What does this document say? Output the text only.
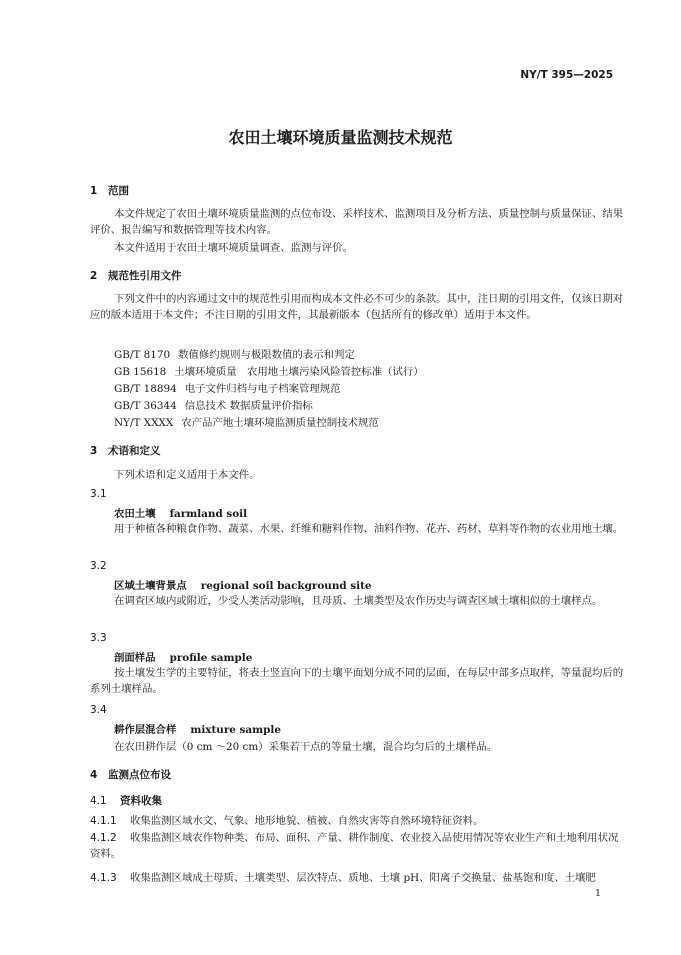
NY/T 395—2025
农田土壤环境质量监测技术规范
1 范围
本文件规定了农田土壤环境质量监测的点位布设、采样技术、监测项目及分析方法、质量控制与质量保证、结果评价、报告编写和数据管理等技术内容。
本文件适用于农田土壤环境质量调查、监测与评价。
2 规范性引用文件
下列文件中的内容通过文中的规范性引用而构成本文件必不可少的条款。其中，注日期的引用文件，仅该日期对应的版本适用于本文件；不注日期的引用文件，其最新版本（包括所有的修改单）适用于本文件。
GB/T 8170 数值修约规则与极限数值的表示和判定
GB 15618 土壤环境质量　农用地土壤污染风险管控标准（试行）
GB/T 18894 电子文件归档与电子档案管理规范
GB/T 36344 信息技术 数据质量评价指标
NY/T XXXX 农产品产地土壤环境监测质量控制技术规范
3 术语和定义
下列术语和定义适用于本文件。
3.1
农田土壤 farmland soil
用于种植各种粮食作物、蔬菜、水果、纤维和糖料作物、油料作物、花卉、药材、草料等作物的农业用地土壤。
3.2
区域土壤背景点 regional soil background site
在调查区域内或附近，少受人类活动影响，且母质、土壤类型及农作历史与调查区域土壤相似的土壤样点。
3.3
剖面样品 profile sample
按土壤发生学的主要特征，将表土竖直向下的土壤平面划分成不同的层面，在每层中部多点取样，等量混均后的系列土壤样品。
3.4
耕作层混合样 mixture sample
在农田耕作层（0 cm ～20 cm）采集若干点的等量土壤，混合均匀后的土壤样品。
4 监测点位布设
4.1 资料收集
4.1.1 收集监测区域水文、气象、地形地貌、植被、自然灾害等自然环境特征资料。
4.1.2 收集监测区域农作物种类、布局、面积、产量、耕作制度、农业投入品使用情况等农业生产和土地利用状况资料。
4.1.3 收集监测区域成土母质、土壤类型、层次特点、质地、土壤 pH、阳离子交换量、盐基饱和度、土壤肥
1
